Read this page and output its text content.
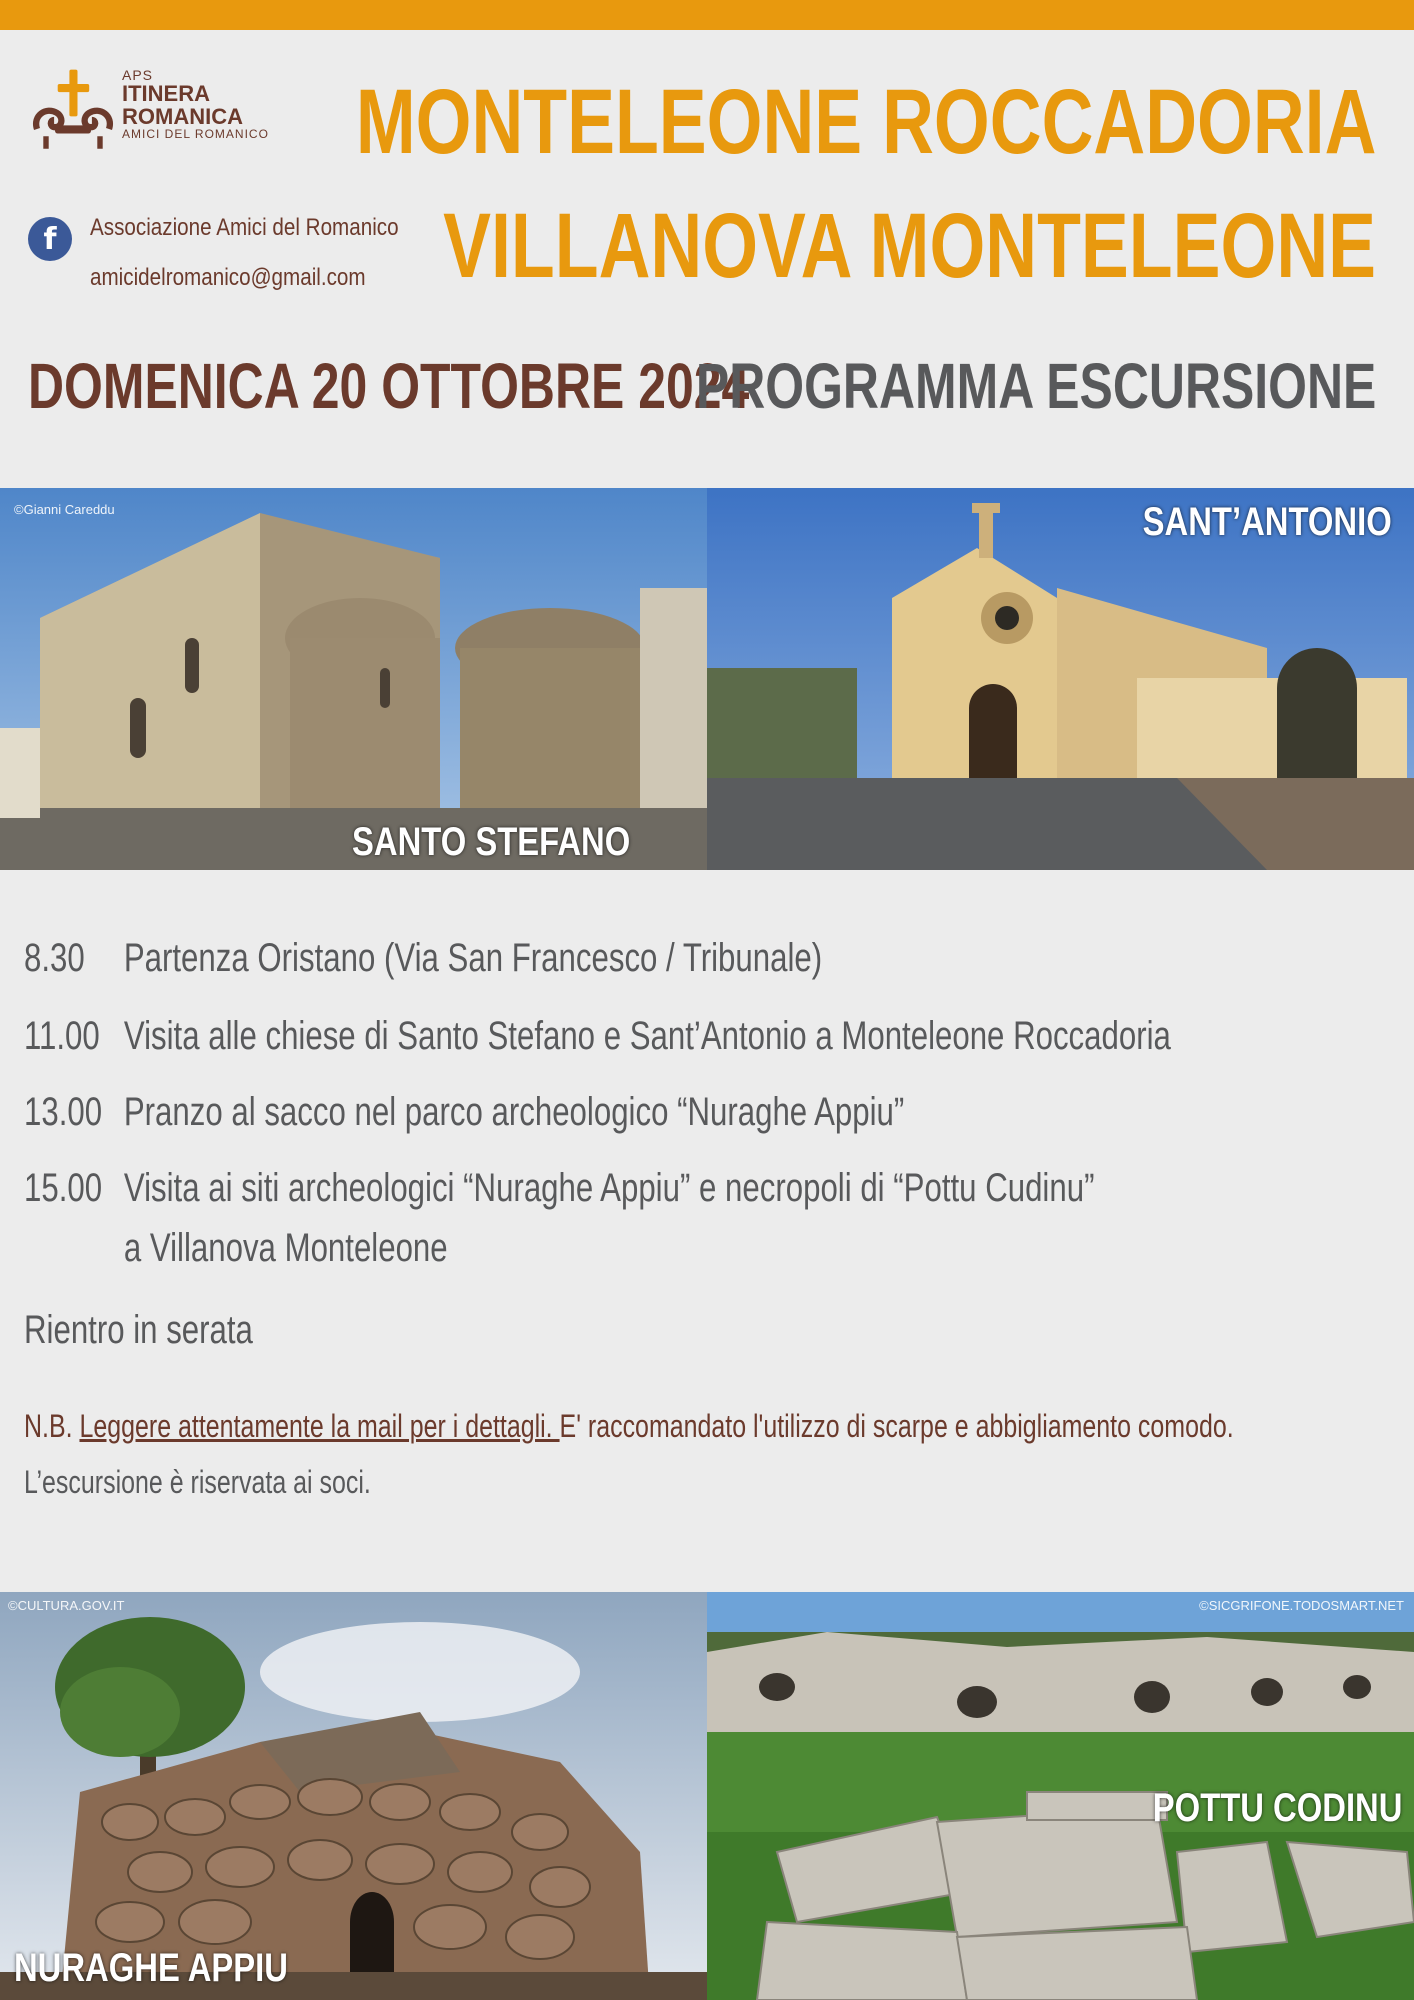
APS
ITINERA
ROMANICA
AMICI DEL ROMANICO
f	Associazione Amici del Romanico
amicidelromanico@gmail.com
MONTELEONE ROCCADORIA
VILLANOVA MONTELEONE
DOMENICA 20 OTTOBRE 2024
PROGRAMMA ESCURSIONE
©Gianni Careddu
SANTO STEFANO
SANT’ANTONIO
8.30 Partenza Oristano (Via San Francesco / Tribunale)
11.00 Visita alle chiese di Santo Stefano e Sant’Antonio a Monteleone Roccadoria
13.00 Pranzo al sacco nel parco archeologico “Nuraghe Appiu”
15.00 Visita ai siti archeologici “Nuraghe Appiu” e necropoli di “Pottu Cudinu”
a Villanova Monteleone
Rientro in serata
N.B. Leggere attentamente la mail per i dettagli. E' raccomandato l'utilizzo di scarpe e abbigliamento comodo.
L’escursione è riservata ai soci.
©CULTURA.GOV.IT
NURAGHE APPIU
©SICGRIFONE.TODOSMART.NET
POTTU CODINU
